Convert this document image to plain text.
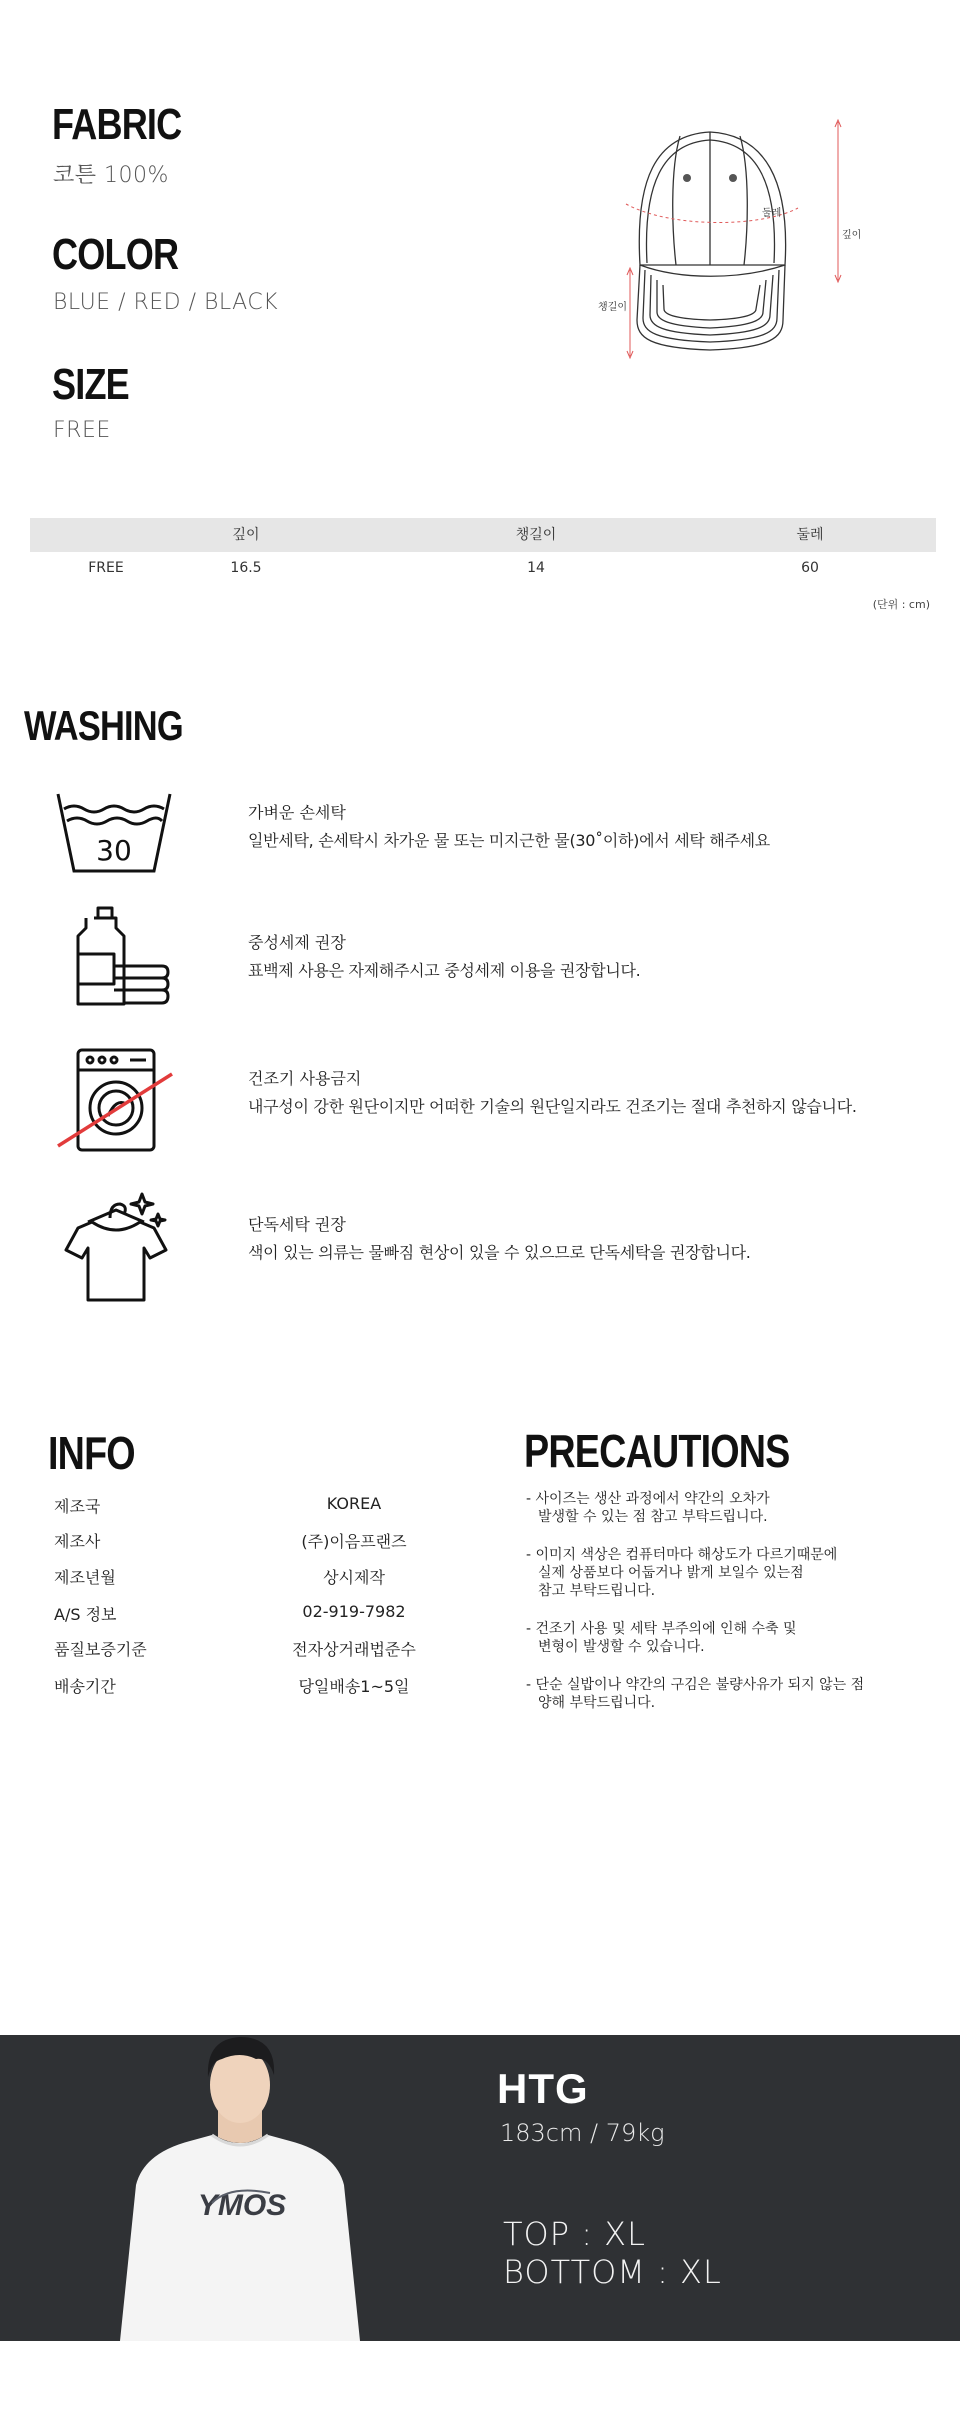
FABRIC
코튼 100%
COLOR
BLUE / RED / BLACK
SIZE
FREE
둘레
깊이
챙길이
깊이	챙길이	둘레
FREE	16.5	14	60
(단위 : cm)
WASHING
30
가벼운 손세탁
일반세탁, 손세탁시 차가운 물 또는 미지근한 물(30˚이하)에서 세탁 해주세요
중성세제 권장
표백제 사용은 자제해주시고 중성세제 이용을 권장합니다.
건조기 사용금지
내구성이 강한 원단이지만 어떠한 기술의 원단일지라도 건조기는 절대 추천하지 않습니다.
단독세탁 권장
색이 있는 의류는 물빠짐 현상이 있을 수 있으므로 단독세탁을 권장합니다.
INFO
제조국	KOREA
제조사	(주)이음프랜즈
제조년월	상시제작
A/S 정보	02-919-7982
품질보증기준	전자상거래법준수
배송기간	당일배송1~5일
PRECAUTIONS
- 사이즈는 생산 과정에서 약간의 오차가
발생할 수 있는 점 참고 부탁드립니다.
- 이미지 색상은 컴퓨터마다 해상도가 다르기때문에
실제 상품보다 어둡거나 밝게 보일수 있는점
참고 부탁드립니다.
- 건조기 사용 및 세탁 부주의에 인해 수축 및
변형이 발생할 수 있습니다.
- 단순 실밥이나 약간의 구김은 불량사유가 되지 않는 점
양해 부탁드립니다.
YMOS
HTG
183cm / 79kg
TOP : XL
BOTTOM : XL
